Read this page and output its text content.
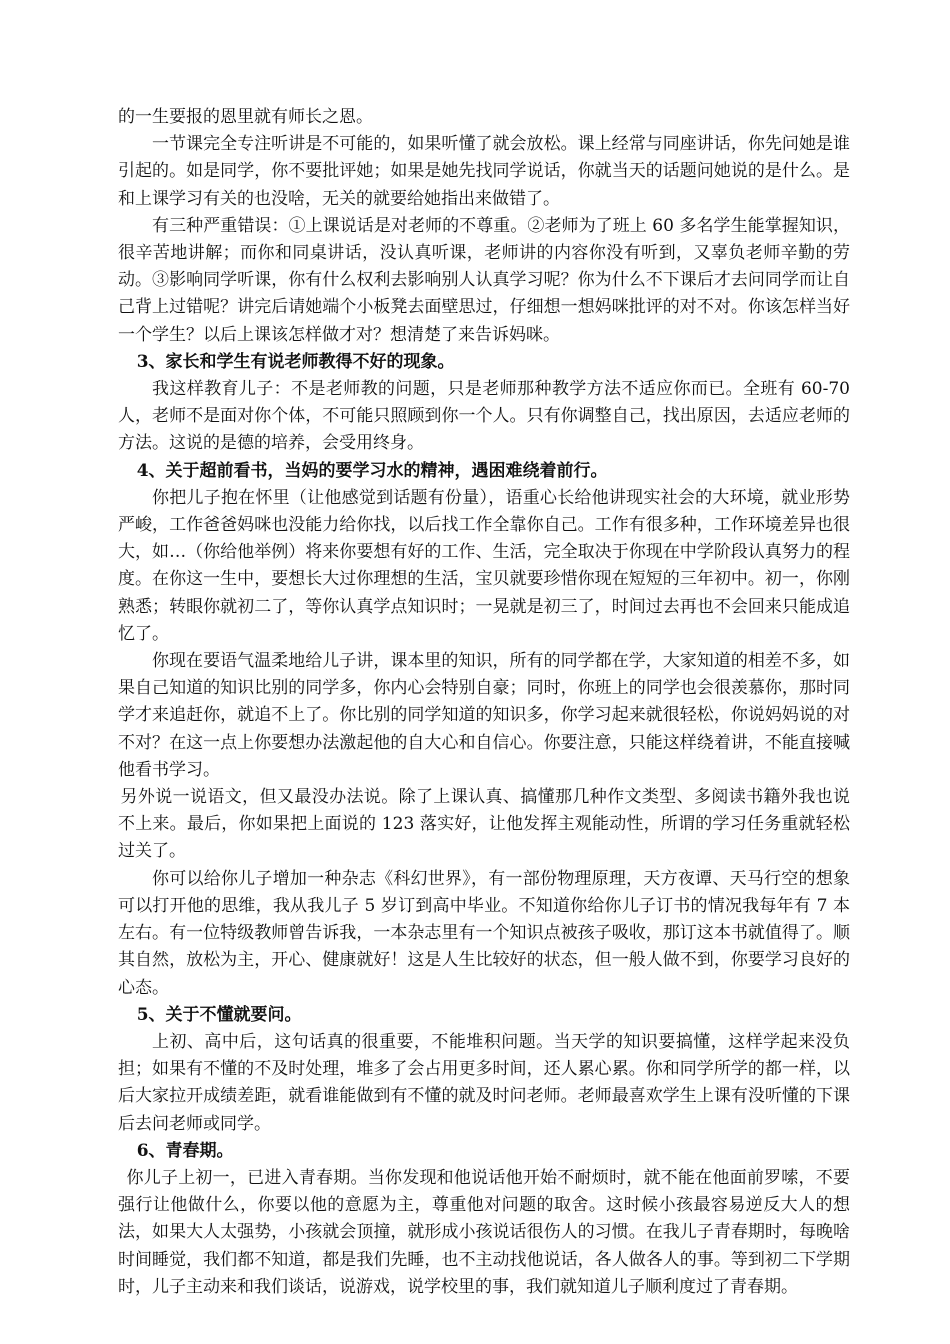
的一生要报的恩里就有师长之恩。

一节课完全专注听讲是不可能的，如果听懂了就会放松。课上经常与同座讲话，你先问她是谁引起的。如是同学，你不要批评她；如果是她先找同学说话，你就当天的话题问她说的是什么。是和上课学习有关的也没啥，无关的就要给她指出来做错了。

有三种严重错误：①上课说话是对老师的不尊重。②老师为了班上 60 多名学生能掌握知识，很辛苦地讲解；而你和同桌讲话，没认真听课，老师讲的内容你没有听到，又辜负老师辛勤的劳动。③影响同学听课，你有什么权利去影响别人认真学习呢？你为什么不下课后才去问同学而让自己背上过错呢？讲完后请她端个小板凳去面壁思过，仔细想一想妈咪批评的对不对。你该怎样当好一个学生？以后上课该怎样做才对？想清楚了来告诉妈咪。

3、家长和学生有说老师教得不好的现象。

我这样教育儿子：不是老师教的问题，只是老师那种教学方法不适应你而已。全班有 60-70 人，老师不是面对你个体，不可能只照顾到你一个人。只有你调整自己，找出原因，去适应老师的方法。这说的是德的培养，会受用终身。

4、关于超前看书，当妈的要学习水的精神，遇困难绕着前行。

你把儿子抱在怀里（让他感觉到话题有份量），语重心长给他讲现实社会的大环境，就业形势严峻，工作爸爸妈咪也没能力给你找，以后找工作全靠你自己。工作有很多种，工作环境差异也很大，如…（你给他举例）将来你要想有好的工作、生活，完全取决于你现在中学阶段认真努力的程度。在你这一生中，要想长大过你理想的生活，宝贝就要珍惜你现在短短的三年初中。初一，你刚熟悉；转眼你就初二了，等你认真学点知识时；一晃就是初三了，时间过去再也不会回来只能成追忆了。

你现在要语气温柔地给儿子讲，课本里的知识，所有的同学都在学，大家知道的相差不多，如果自己知道的知识比别的同学多，你内心会特别自豪；同时，你班上的同学也会很羡慕你，那时同学才来追赶你，就追不上了。你比别的同学知道的知识多，你学习起来就很轻松，你说妈妈说的对不对？在这一点上你要想办法激起他的自大心和自信心。你要注意，只能这样绕着讲，不能直接喊他看书学习。

另外说一说语文，但又最没办法说。除了上课认真、搞懂那几种作文类型、多阅读书籍外我也说不上来。最后，你如果把上面说的 123 落实好，让他发挥主观能动性，所谓的学习任务重就轻松过关了。

你可以给你儿子增加一种杂志《科幻世界》，有一部份物理原理，天方夜谭、天马行空的想象可以打开他的思维，我从我儿子 5 岁订到高中毕业。不知道你给你儿子订书的情况我每年有 7 本左右。有一位特级教师曾告诉我，一本杂志里有一个知识点被孩子吸收，那订这本书就值得了。顺其自然，放松为主，开心、健康就好！这是人生比较好的状态，但一般人做不到，你要学习良好的心态。

5、关于不懂就要问。

上初、高中后，这句话真的很重要，不能堆积问题。当天学的知识要搞懂，这样学起来没负担；如果有不懂的不及时处理，堆多了会占用更多时间，还人累心累。你和同学所学的都一样，以后大家拉开成绩差距，就看谁能做到有不懂的就及时问老师。老师最喜欢学生上课有没听懂的下课后去问老师或同学。

6、青春期。

你儿子上初一，已进入青春期。当你发现和他说话他开始不耐烦时，就不能在他面前罗嗦，不要强行让他做什么，你要以他的意愿为主，尊重他对问题的取舍。这时候小孩最容易逆反大人的想法，如果大人太强势，小孩就会顶撞，就形成小孩说话很伤人的习惯。在我儿子青春期时，每晚啥时间睡觉，我们都不知道，都是我们先睡，也不主动找他说话，各人做各人的事。等到初二下学期时，儿子主动来和我们谈话，说游戏，说学校里的事，我们就知道儿子顺利度过了青春期。
